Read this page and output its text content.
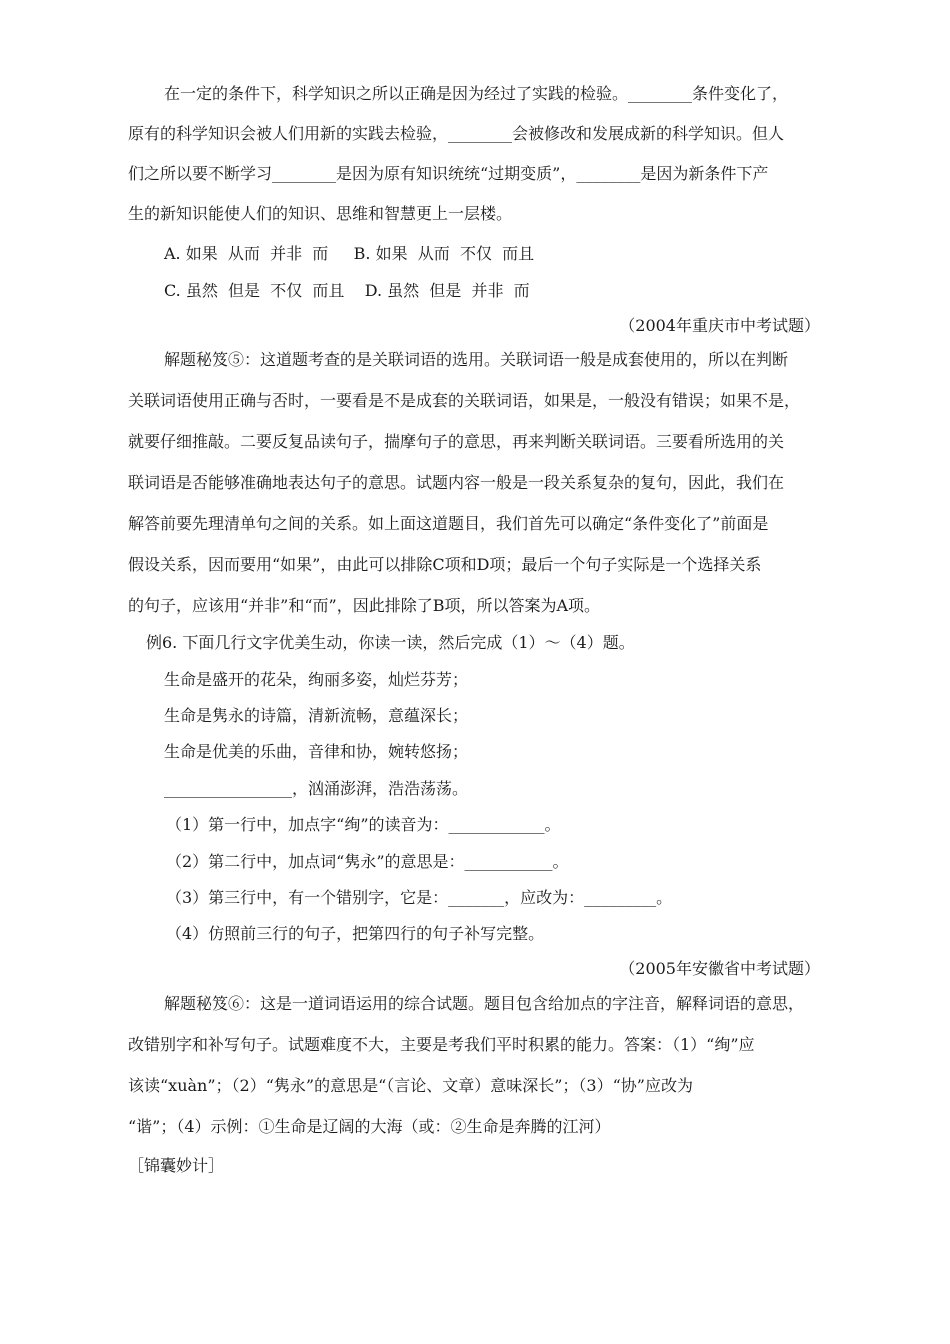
在一定的条件下，科学知识之所以正确是因为经过了实践的检验。________条件变化了，
原有的科学知识会被人们用新的实践去检验，________会被修改和发展成新的科学知识。但人
们之所以要不断学习________是因为原有知识统统“过期变质”，________是因为新条件下产
生的新知识能使人们的知识、思维和智慧更上一层楼。
A. 如果  从而  并非  而     B. 如果  从而  不仅  而且
C. 虽然  但是  不仅  而且    D. 虽然  但是  并非  而
（2004年重庆市中考试题）
解题秘笈⑤：这道题考查的是关联词语的选用。关联词语一般是成套使用的，所以在判断
关联词语使用正确与否时，一要看是不是成套的关联词语，如果是，一般没有错误；如果不是，
就要仔细推敲。二要反复品读句子，揣摩句子的意思，再来判断关联词语。三要看所选用的关
联词语是否能够准确地表达句子的意思。试题内容一般是一段关系复杂的复句，因此，我们在
解答前要先理清单句之间的关系。如上面这道题目，我们首先可以确定“条件变化了”前面是
假设关系，因而要用“如果”，由此可以排除C项和D项；最后一个句子实际是一个选择关系
的句子，应该用“并非”和“而”，因此排除了B项，所以答案为A项。
例6. 下面几行文字优美生动，你读一读，然后完成（1）～（4）题。
生命是盛开的花朵，绚丽多姿，灿烂芬芳；
生命是隽永的诗篇，清新流畅，意蕴深长；
生命是优美的乐曲，音律和协，婉转悠扬；
________________，汹涌澎湃，浩浩荡荡。
（1）第一行中，加点字“绚”的读音为：____________。
（2）第二行中，加点词“隽永”的意思是：___________。
（3）第三行中，有一个错别字，它是：_______，应改为：_________。
（4）仿照前三行的句子，把第四行的句子补写完整。
（2005年安徽省中考试题）
解题秘笈⑥：这是一道词语运用的综合试题。题目包含给加点的字注音，解释词语的意思，
改错别字和补写句子。试题难度不大，主要是考我们平时积累的能力。答案：（1）“绚”应
该读“xuàn”；（2）“隽永”的意思是“（言论、文章）意味深长”；（3）“协”应改为
“谐”；（4）示例：①生命是辽阔的大海（或：②生命是奔腾的江河）
［锦囊妙计］
